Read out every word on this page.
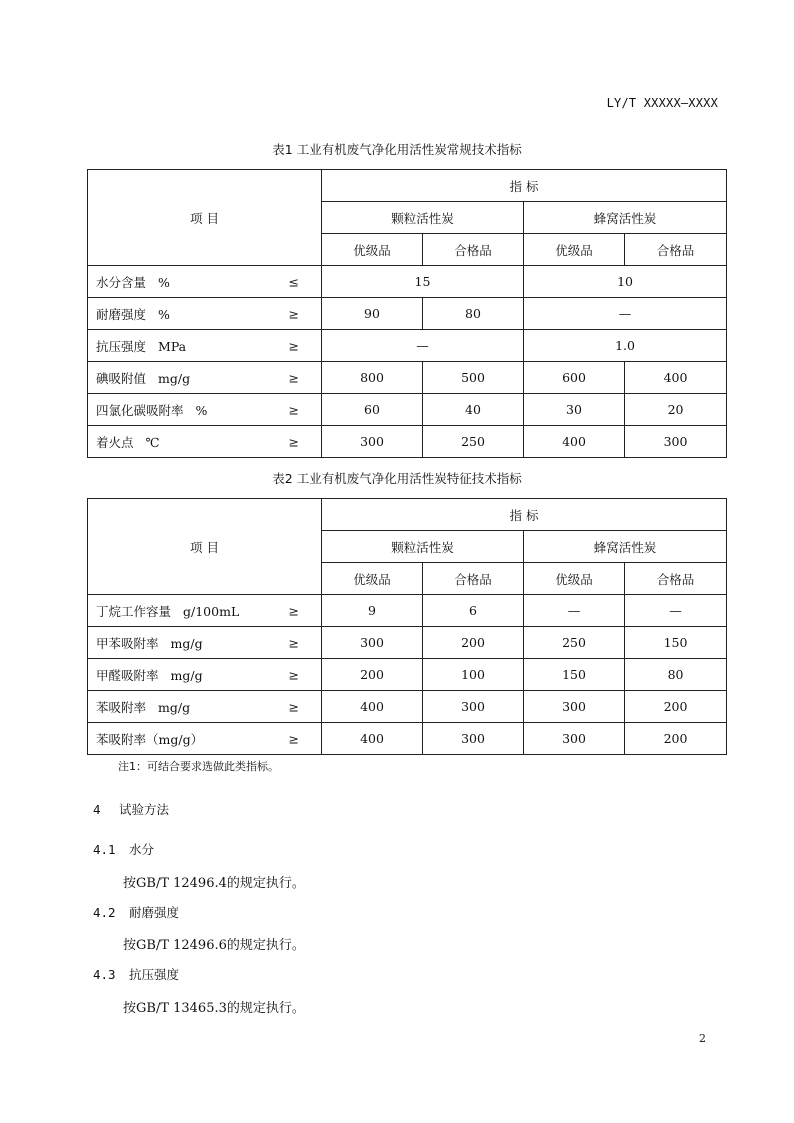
LY/T XXXXX—XXXX
表1 工业有机废气净化用活性炭常规技术指标
项 目	指 标			
	颗粒活性炭		蜂窝活性炭	
	优级品	合格品	优级品	合格品

水分含量 % ≤	15		10	

耐磨强度 % ≥	90	80	—	

抗压强度 MPa ≥	—		1.0	

碘吸附值 mg/g ≥	800	500	600	400

四氯化碳吸附率 % ≥	60	40	30	20

着火点 ℃ ≥	300	250	400	300
表2 工业有机废气净化用活性炭特征技术指标
项 目	指 标			
	颗粒活性炭		蜂窝活性炭	
	优级品	合格品	优级品	合格品

丁烷工作容量 g/100mL ≥	9	6	—	—

甲苯吸附率 mg/g ≥	300	200	250	150

甲醛吸附率 mg/g ≥	200	100	150	80

苯吸附率 mg/g ≥	400	300	300	200

苯吸附率（mg/g） ≥	400	300	300	200
注1：可结合要求选做此类指标。
4 试验方法
4.1 水分
按GB/T 12496.4的规定执行。
4.2 耐磨强度
按GB/T 12496.6的规定执行。
4.3 抗压强度
按GB/T 13465.3的规定执行。
2
